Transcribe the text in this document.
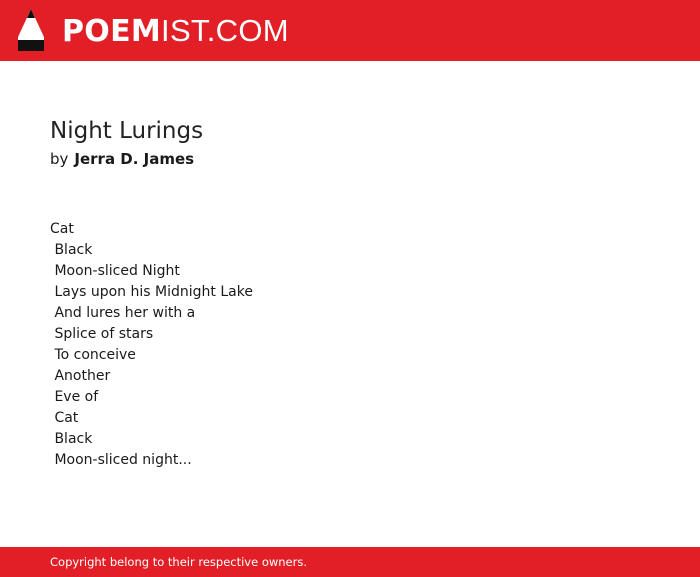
POEMIST.COM
Night Lurings
by Jerra D. James
Cat
Black
Moon-sliced Night
Lays upon his Midnight Lake
And lures her with a
Splice of stars
To conceive
Another
Eve of
Cat
Black
Moon-sliced night...
Copyright belong to their respective owners.
